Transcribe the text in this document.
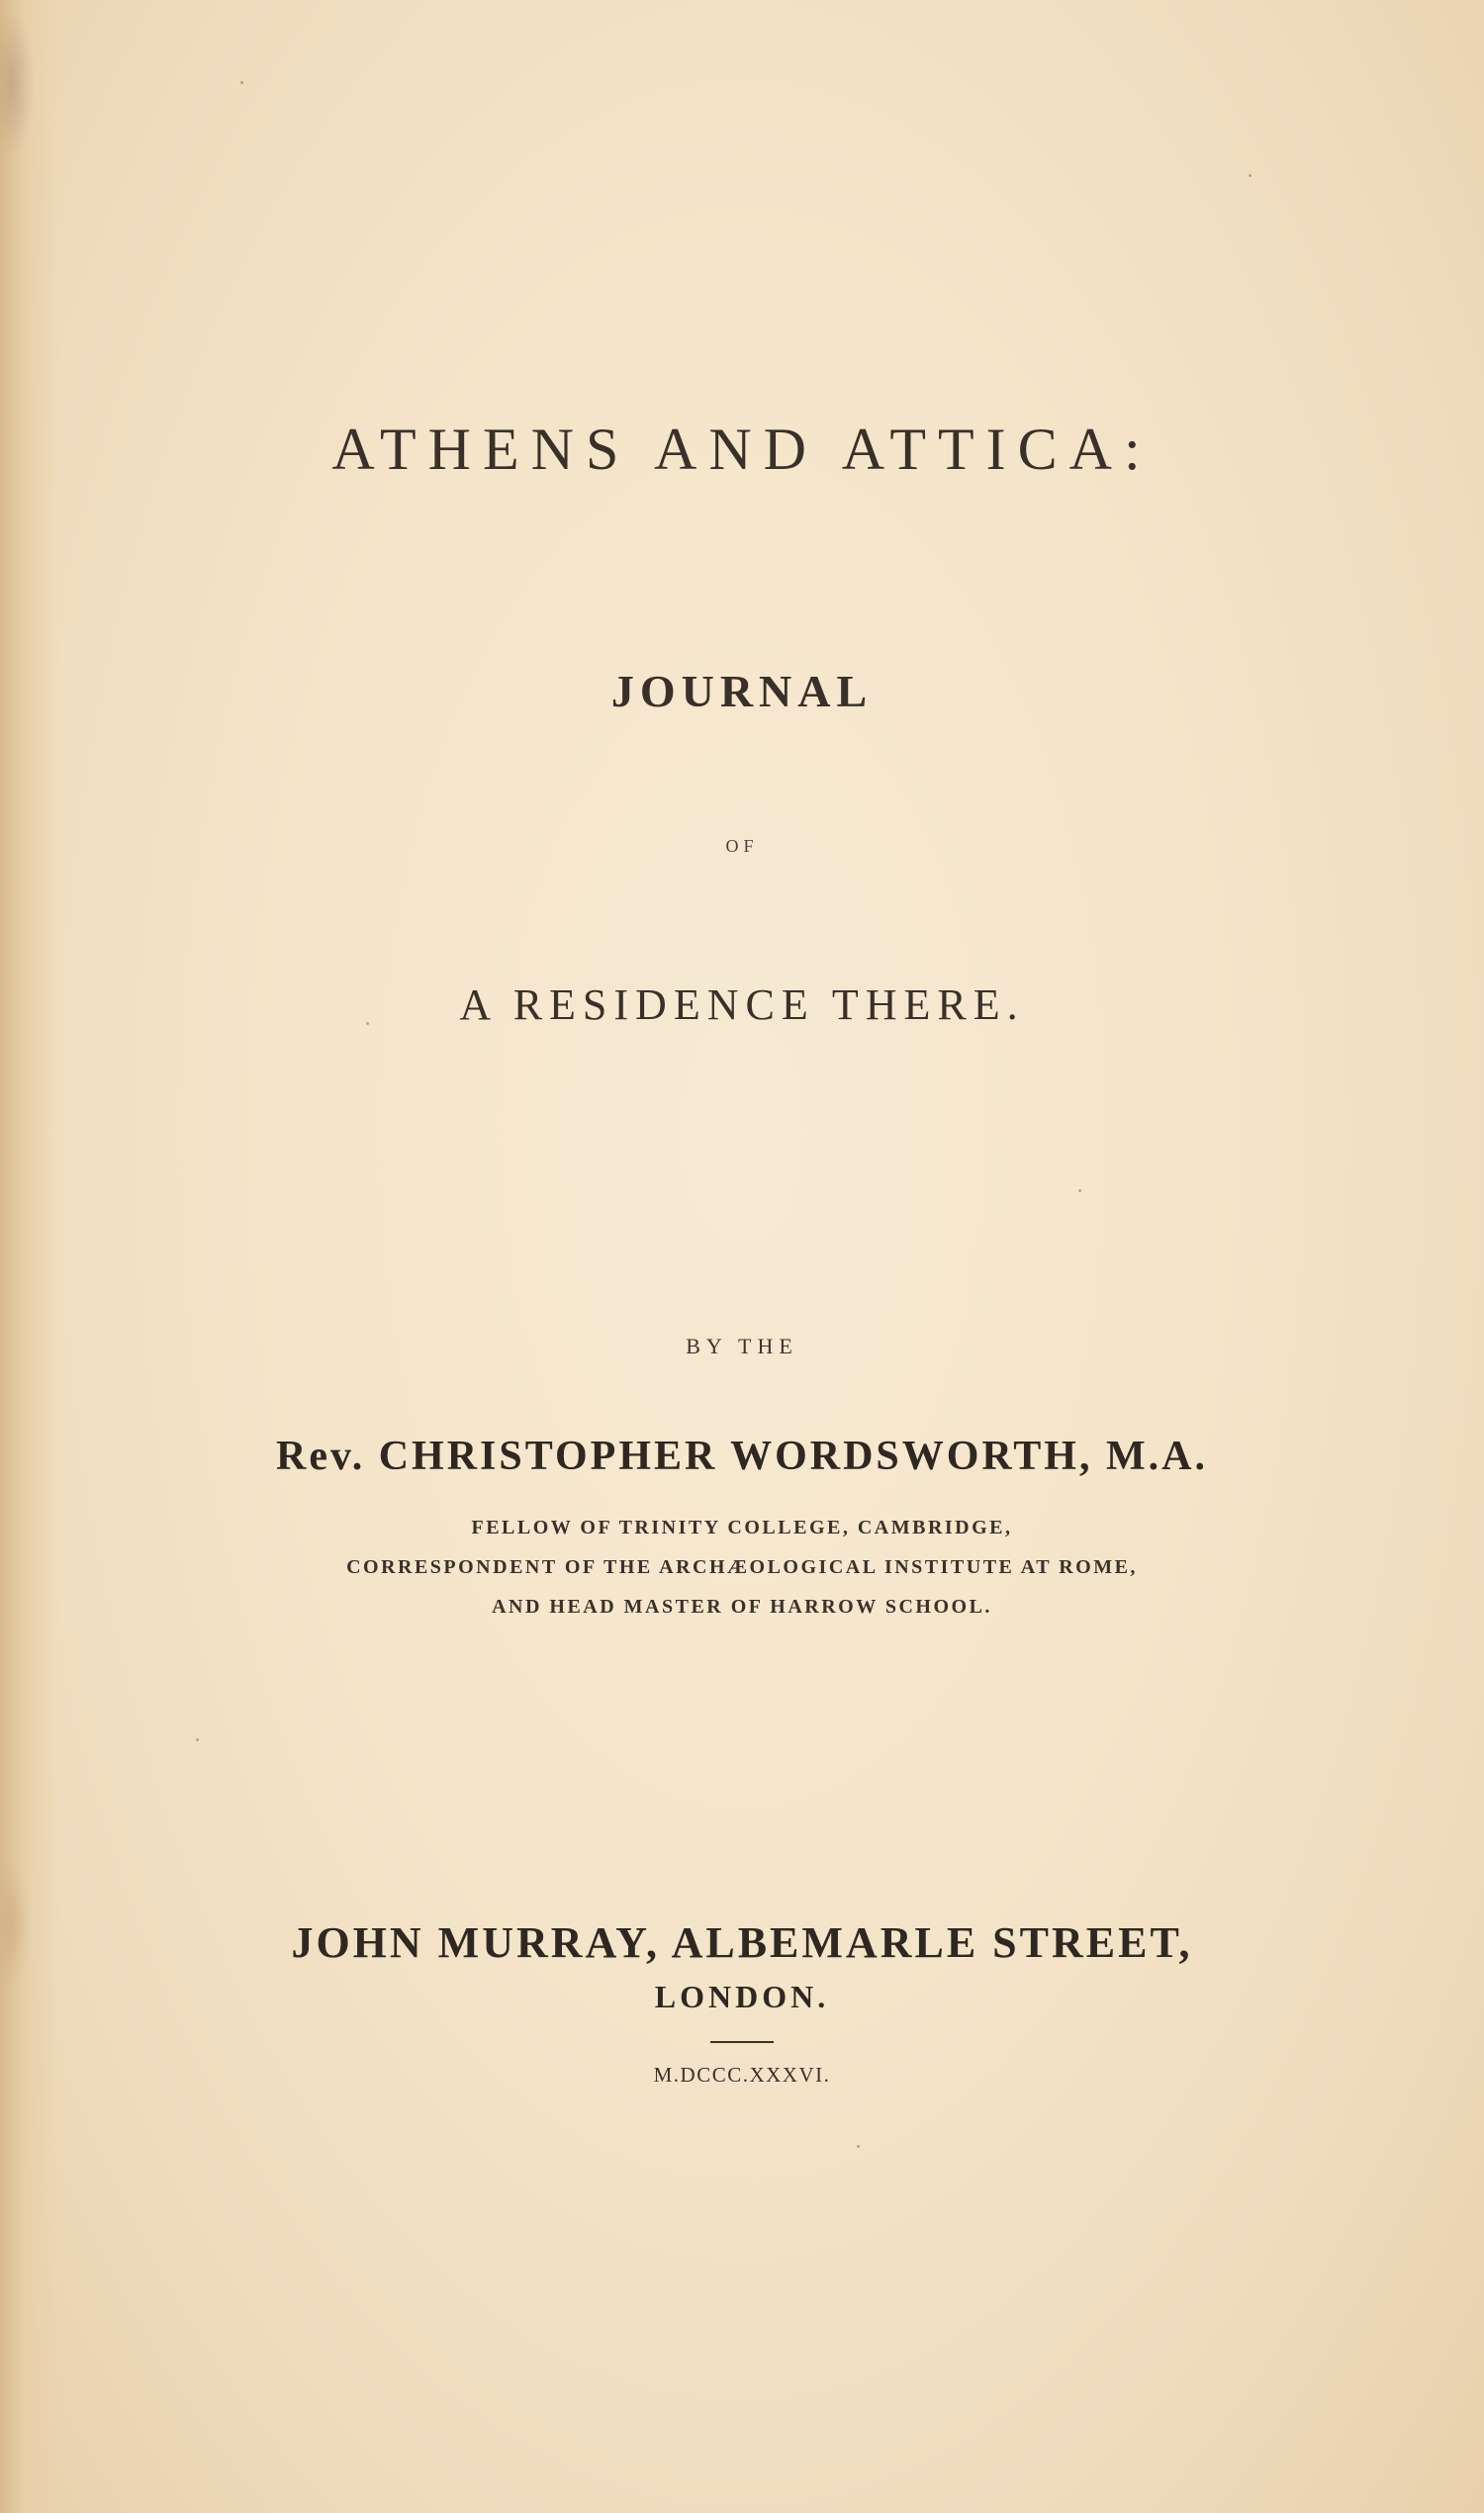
ATHENS AND ATTICA:
JOURNAL
OF
A RESIDENCE THERE.
BY THE
Rev. CHRISTOPHER WORDSWORTH, M.A.
FELLOW OF TRINITY COLLEGE, CAMBRIDGE,
CORRESPONDENT OF THE ARCHÆOLOGICAL INSTITUTE AT ROME,
AND HEAD MASTER OF HARROW SCHOOL.
JOHN MURRAY, ALBEMARLE STREET,
LONDON.
M.DCCC.XXXVI.
